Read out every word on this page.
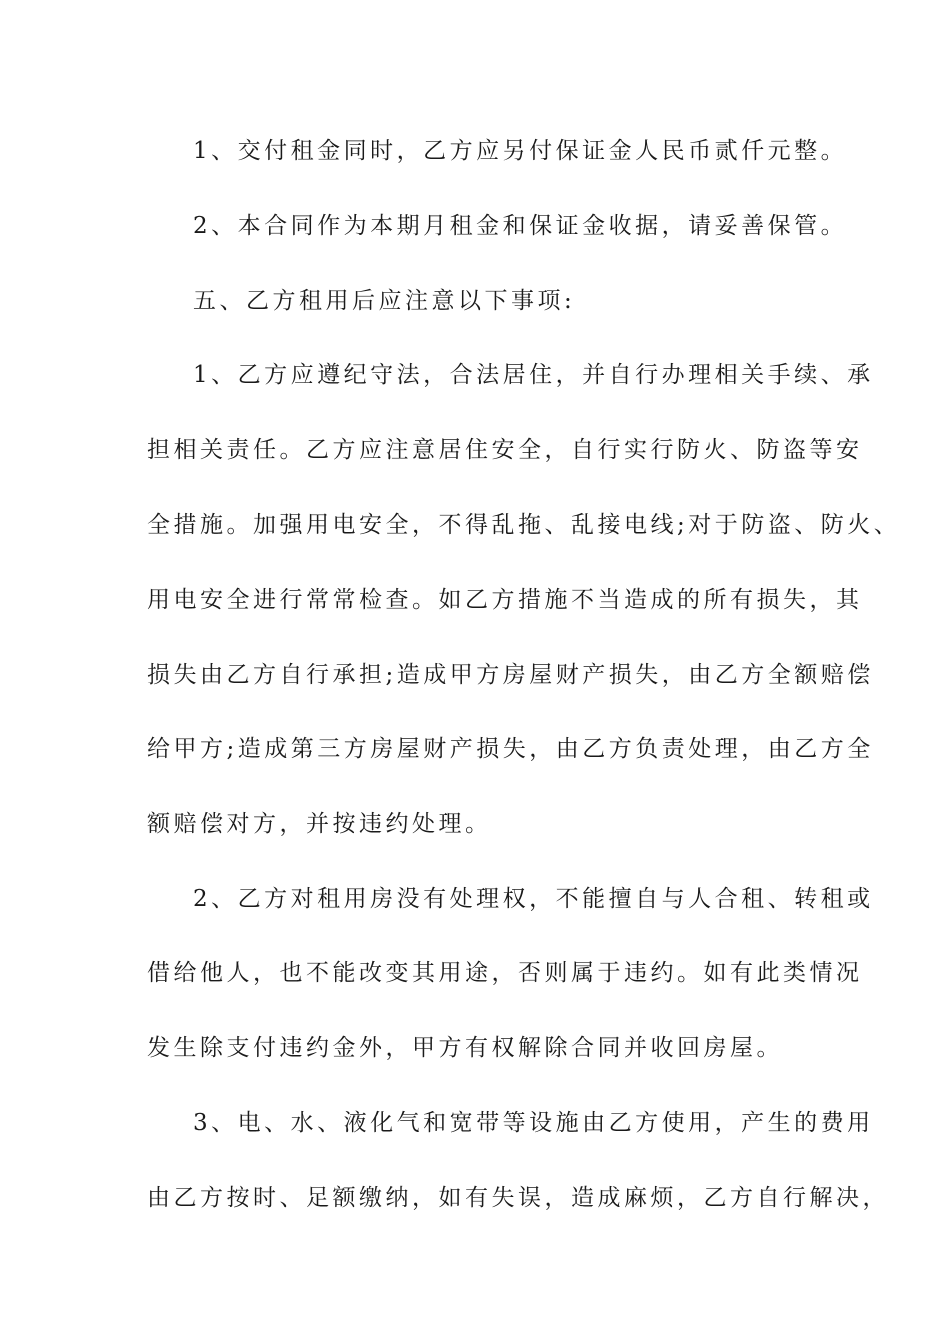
1、交付租金同时，乙方应另付保证金人民币贰仟元整。
2、本合同作为本期月租金和保证金收据，请妥善保管。
五、乙方租用后应注意以下事项:
1、乙方应遵纪守法，合法居住，并自行办理相关手续、承
担相关责任。乙方应注意居住安全，自行实行防火、防盗等安
全措施。加强用电安全，不得乱拖、乱接电线;对于防盗、防火、
用电安全进行常常检查。如乙方措施不当造成的所有损失，其
损失由乙方自行承担;造成甲方房屋财产损失，由乙方全额赔偿
给甲方;造成第三方房屋财产损失，由乙方负责处理，由乙方全
额赔偿对方，并按违约处理。
2、乙方对租用房没有处理权，不能擅自与人合租、转租或
借给他人，也不能改变其用途，否则属于违约。如有此类情况
发生除支付违约金外，甲方有权解除合同并收回房屋。
3、电、水、液化气和宽带等设施由乙方使用，产生的费用
由乙方按时、足额缴纳，如有失误，造成麻烦，乙方自行解决，
